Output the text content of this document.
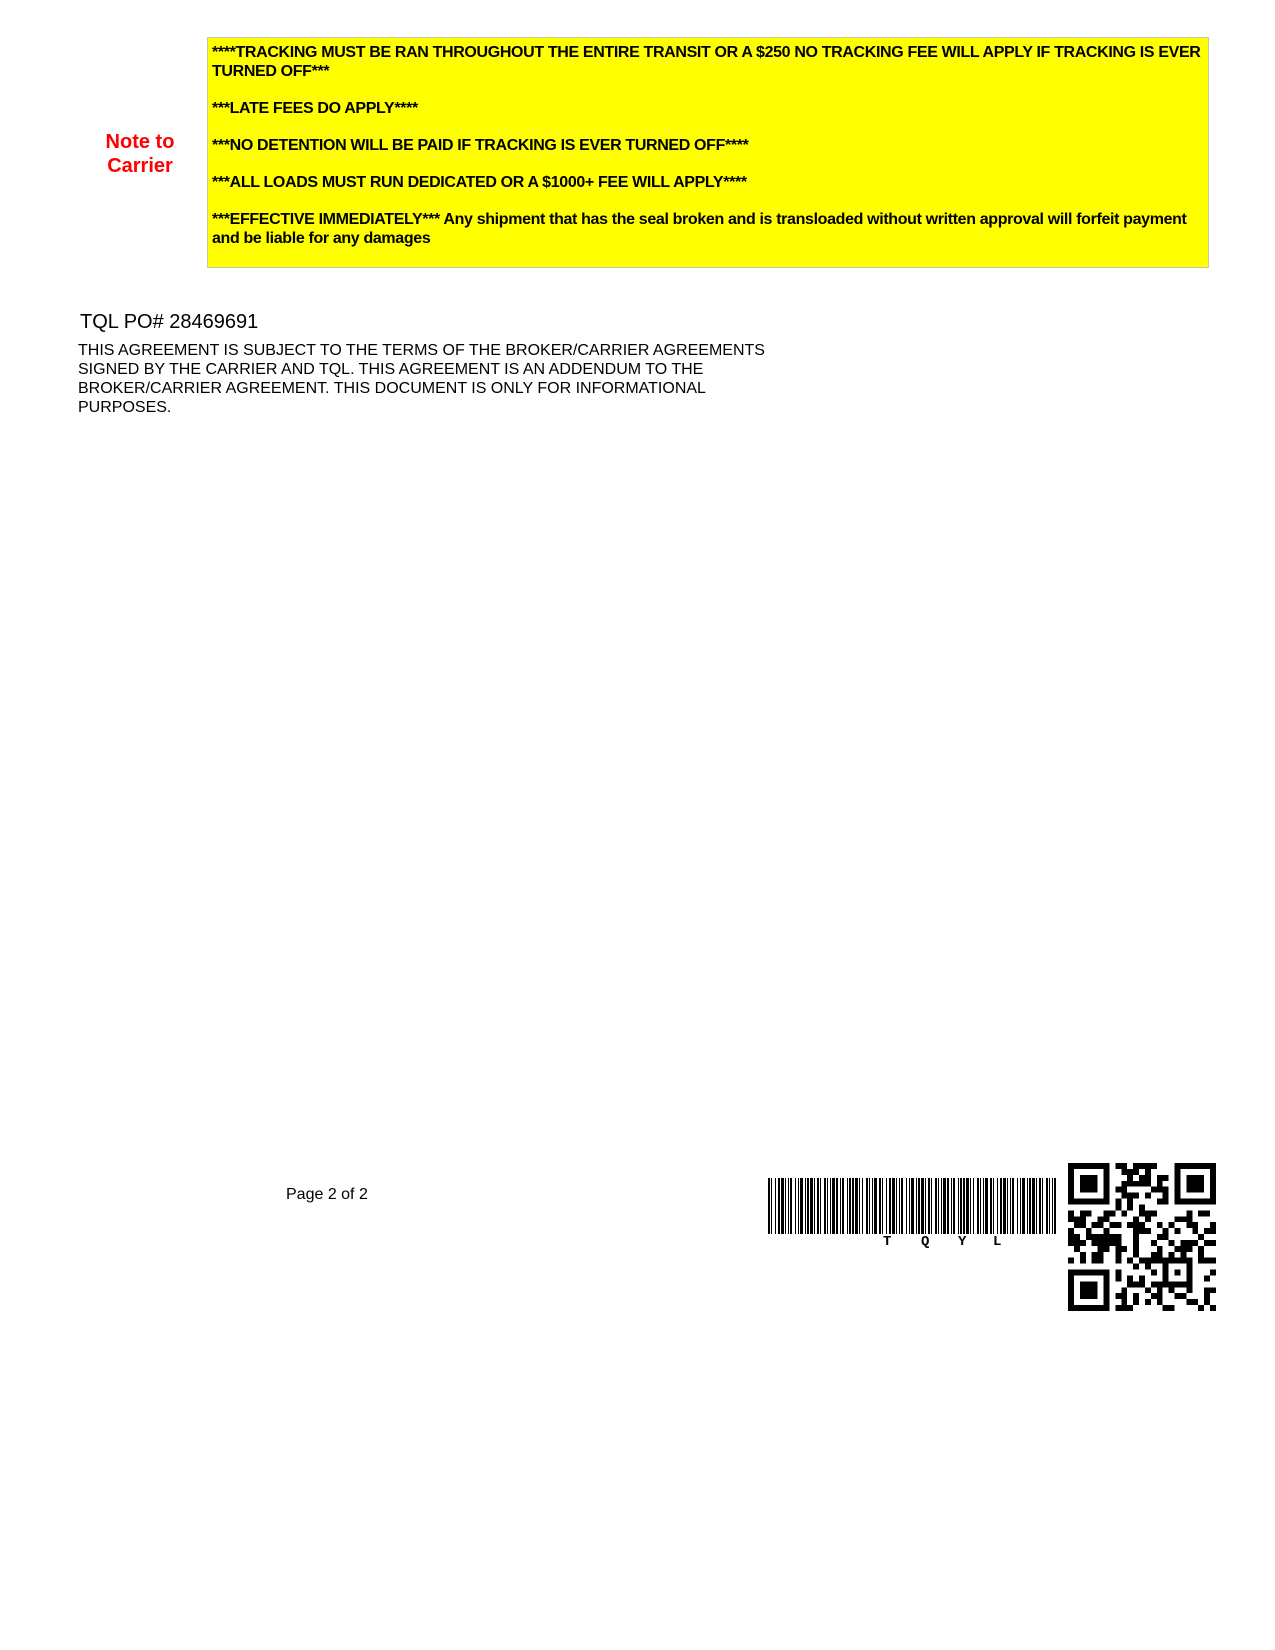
Note to Carrier
****TRACKING MUST BE RAN THROUGHOUT THE ENTIRE TRANSIT OR A $250 NO TRACKING FEE WILL APPLY IF TRACKING IS EVER TURNED OFF***
***LATE FEES DO APPLY****
***NO DETENTION WILL BE PAID IF TRACKING IS EVER TURNED OFF****
***ALL LOADS MUST RUN DEDICATED OR A $1000+ FEE WILL APPLY****
***EFFECTIVE IMMEDIATELY*** Any shipment that has the seal broken and is transloaded without written approval will forfeit payment and be liable for any damages
TQL PO# 28469691
THIS AGREEMENT IS SUBJECT TO THE TERMS OF THE BROKER/CARRIER AGREEMENTS SIGNED BY THE CARRIER AND TQL. THIS AGREEMENT IS AN ADDENDUM TO THE BROKER/CARRIER AGREEMENT. THIS DOCUMENT IS ONLY FOR INFORMATIONAL PURPOSES.
Page 2 of 2
T Q Y L
